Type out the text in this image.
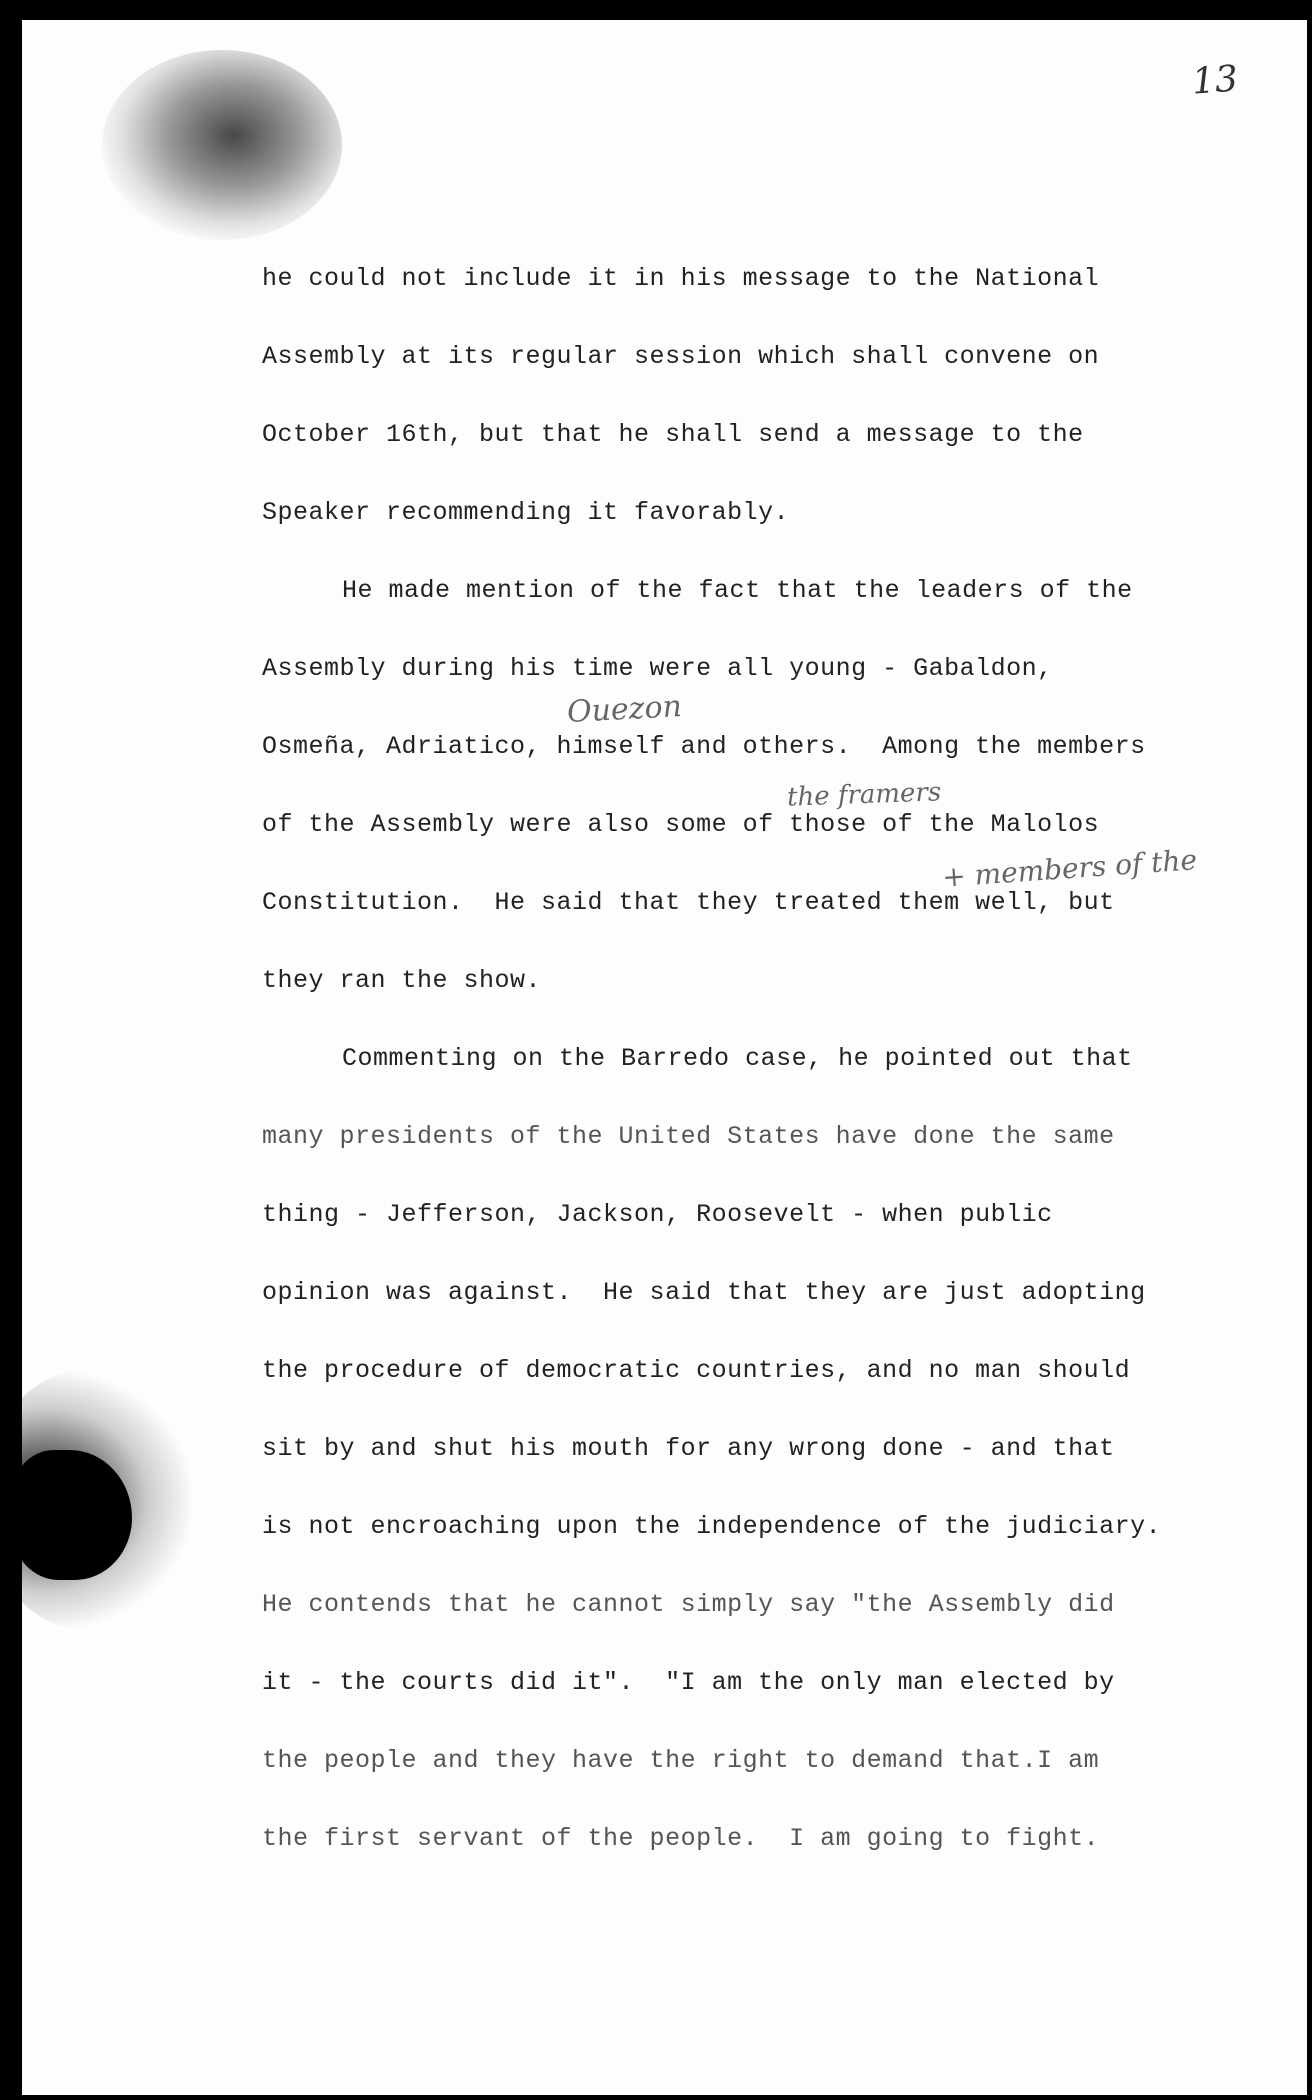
13
he could not include it in his message to the National
Assembly at its regular session which shall convene on
October 16th, but that he shall send a message to the
Speaker recommending it favorably.
He made mention of the fact that the leaders of the
Assembly during his time were all young - Gabaldon,
Osmeña, Adriatico, himself and others.  Among the members
of the Assembly were also some of those of the Malolos
Constitution.  He said that they treated them well, but
they ran the show.
Commenting on the Barredo case, he pointed out that
many presidents of the United States have done the same
thing - Jefferson, Jackson, Roosevelt - when public
opinion was against.  He said that they are just adopting
the procedure of democratic countries, and no man should
sit by and shut his mouth for any wrong done - and that
is not encroaching upon the independence of the judiciary.
He contends that he cannot simply say "the Assembly did
it - the courts did it".  "I am the only man elected by
the people and they have the right to demand that.I am
the first servant of the people.  I am going to fight.
Ouezon
the framers
+ members of the
